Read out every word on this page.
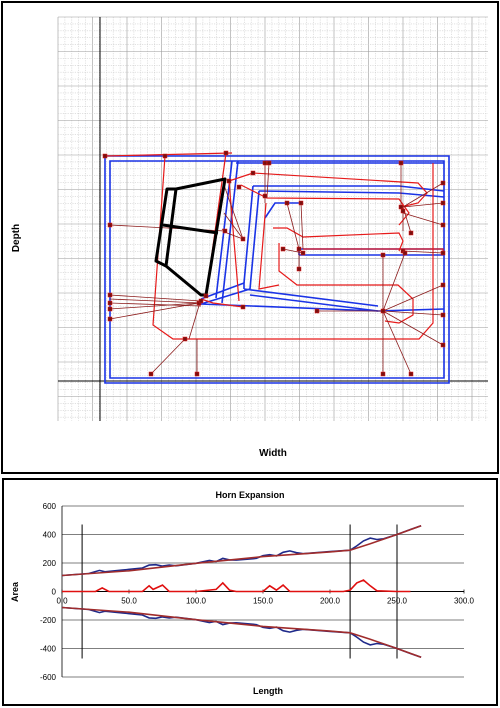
Width
Depth
Horn Expansion
600
400
200
0
-200
-400
-600
0.0	50.0	100.0	150.0	200.0	250.0	300.0
Length
Area
